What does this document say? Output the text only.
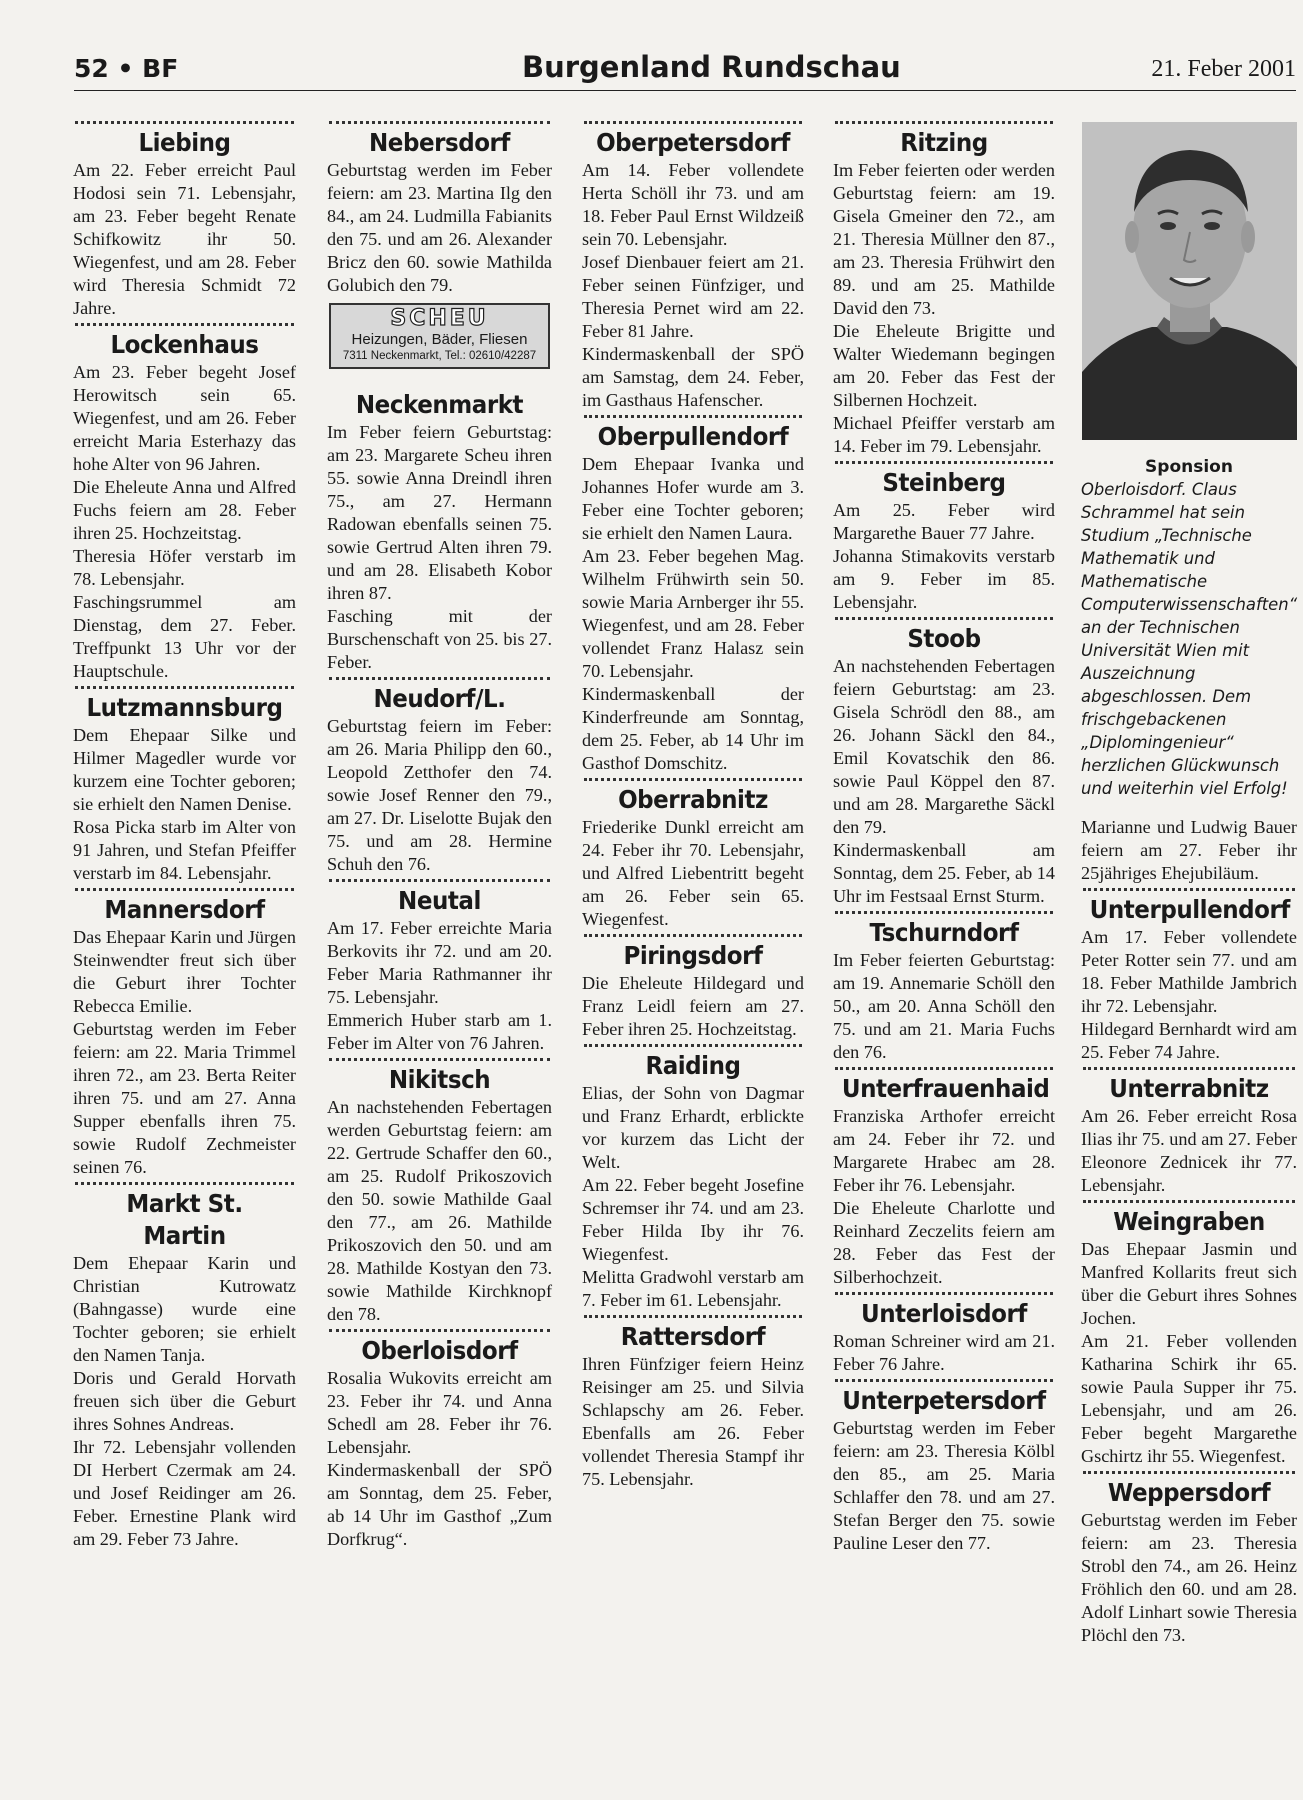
52 • BF	Burgenland Rundschau	21. Feber 2001
Liebing

Am 22. Feber erreicht Paul Hodosi sein 71. Lebensjahr, am 23. Feber begeht Renate Schifkowitz ihr 50. Wiegenfest, und am 28. Feber wird Theresia Schmidt 72 Jahre.

Lockenhaus

Am 23. Feber begeht Josef Herowitsch sein 65. Wiegenfest, und am 26. Feber erreicht Maria Esterhazy das hohe Alter von 96 Jahren.
Die Eheleute Anna und Alfred Fuchs feiern am 28. Feber ihren 25. Hochzeitstag.
Theresia Höfer verstarb im 78. Lebensjahr.
Faschingsrummel am Dienstag, dem 27. Feber. Treffpunkt 13 Uhr vor der Hauptschule.

Lutzmannsburg

Dem Ehepaar Silke und Hilmer Magedler wurde vor kurzem eine Tochter geboren; sie erhielt den Namen Denise.
Rosa Picka starb im Alter von 91 Jahren, und Stefan Pfeiffer verstarb im 84. Lebensjahr.

Mannersdorf

Das Ehepaar Karin und Jürgen Steinwendter freut sich über die Geburt ihrer Tochter Rebecca Emilie.
Geburtstag werden im Feber feiern: am 22. Maria Trimmel ihren 72., am 23. Berta Reiter ihren 75. und am 27. Anna Supper ebenfalls ihren 75. sowie Rudolf Zechmeister seinen 76.

Markt St. Martin

Dem Ehepaar Karin und Christian Kutrowatz (Bahngasse) wurde eine Tochter geboren; sie erhielt den Namen Tanja.
Doris und Gerald Horvath freuen sich über die Geburt ihres Sohnes Andreas.
Ihr 72. Lebensjahr vollenden DI Herbert Czermak am 24. und Josef Reidinger am 26. Feber. Ernestine Plank wird am 29. Feber 73 Jahre.

Nebersdorf

Geburtstag werden im Feber feiern: am 23. Martina Ilg den 84., am 24. Ludmilla Fabianits den 75. und am 26. Alexander Bricz den 60. sowie Mathilda Golubich den 79.

SCHEU
Heizungen, Bäder, Fliesen
7311 Neckenmarkt, Tel.: 02610/42287
Neckenmarkt

Im Feber feiern Geburtstag: am 23. Margarete Scheu ihren 55. sowie Anna Dreindl ihren 75., am 27. Hermann Radowan ebenfalls seinen 75. sowie Gertrud Alten ihren 79. und am 28. Elisabeth Kobor ihren 87.
Fasching mit der Burschenschaft von 25. bis 27. Feber.

Neudorf/L.

Geburtstag feiern im Feber: am 26. Maria Philipp den 60., Leopold Zetthofer den 74. sowie Josef Renner den 79., am 27. Dr. Liselotte Bujak den 75. und am 28. Hermine Schuh den 76.

Neutal

Am 17. Feber erreichte Maria Berkovits ihr 72. und am 20. Feber Maria Rathmanner ihr 75. Lebensjahr.
Emmerich Huber starb am 1. Feber im Alter von 76 Jahren.

Nikitsch

An nachstehenden Febertagen werden Geburtstag feiern: am 22. Gertrude Schaffer den 60., am 25. Rudolf Prikoszovich den 50. sowie Mathilde Gaal den 77., am 26. Mathilde Prikoszovich den 50. und am 28. Mathilde Kostyan den 73. sowie Mathilde Kirchknopf den 78.

Oberloisdorf

Rosalia Wukovits erreicht am 23. Feber ihr 74. und Anna Schedl am 28. Feber ihr 76. Lebensjahr.
Kindermaskenball der SPÖ am Sonntag, dem 25. Feber, ab 14 Uhr im Gasthof „Zum Dorfkrug“.

Oberpetersdorf

Am 14. Feber vollendete Herta Schöll ihr 73. und am 18. Feber Paul Ernst Wildzeiß sein 70. Lebensjahr.
Josef Dienbauer feiert am 21. Feber seinen Fünfziger, und Theresia Pernet wird am 22. Feber 81 Jahre.
Kindermaskenball der SPÖ am Samstag, dem 24. Feber, im Gasthaus Hafenscher.

Oberpullendorf

Dem Ehepaar Ivanka und Johannes Hofer wurde am 3. Feber eine Tochter geboren; sie erhielt den Namen Laura.
Am 23. Feber begehen Mag. Wilhelm Frühwirth sein 50. sowie Maria Arnberger ihr 55. Wiegenfest, und am 28. Feber vollendet Franz Halasz sein 70. Lebensjahr.
Kindermaskenball der Kinderfreunde am Sonntag, dem 25. Feber, ab 14 Uhr im Gasthof Domschitz.

Oberrabnitz

Friederike Dunkl erreicht am 24. Feber ihr 70. Lebensjahr, und Alfred Liebentritt begeht am 26. Feber sein 65. Wiegenfest.

Piringsdorf

Die Eheleute Hildegard und Franz Leidl feiern am 27. Feber ihren 25. Hochzeitstag.

Raiding

Elias, der Sohn von Dagmar und Franz Erhardt, erblickte vor kurzem das Licht der Welt.
Am 22. Feber begeht Josefine Schremser ihr 74. und am 23. Feber Hilda Iby ihr 76. Wiegenfest.
Melitta Gradwohl verstarb am 7. Feber im 61. Lebensjahr.

Rattersdorf

Ihren Fünfziger feiern Heinz Reisinger am 25. und Silvia Schlapschy am 26. Feber. Ebenfalls am 26. Feber vollendet Theresia Stampf ihr 75. Lebensjahr.

Ritzing

Im Feber feierten oder werden Geburtstag feiern: am 19. Gisela Gmeiner den 72., am 21. Theresia Müllner den 87., am 23. Theresia Frühwirt den 89. und am 25. Mathilde David den 73.
Die Eheleute Brigitte und Walter Wiedemann begingen am 20. Feber das Fest der Silbernen Hochzeit.
Michael Pfeiffer verstarb am 14. Feber im 79. Lebensjahr.

Steinberg

Am 25. Feber wird Margarethe Bauer 77 Jahre.
Johanna Stimakovits verstarb am 9. Feber im 85. Lebensjahr.

Stoob

An nachstehenden Febertagen feiern Geburtstag: am 23. Gisela Schrödl den 88., am 26. Johann Säckl den 84., Emil Kovatschik den 86. sowie Paul Köppel den 87. und am 28. Margarethe Säckl den 79.
Kindermaskenball am Sonntag, dem 25. Feber, ab 14 Uhr im Festsaal Ernst Sturm.

Tschurndorf

Im Feber feierten Geburtstag: am 19. Annemarie Schöll den 50., am 20. Anna Schöll den 75. und am 21. Maria Fuchs den 76.

Unterfrauenhaid

Franziska Arthofer erreicht am 24. Feber ihr 72. und Margarete Hrabec am 28. Feber ihr 76. Lebensjahr.
Die Eheleute Charlotte und Reinhard Zeczelits feiern am 28. Feber das Fest der Silberhochzeit.

Unterloisdorf

Roman Schreiner wird am 21. Feber 76 Jahre.

Unterpetersdorf

Geburtstag werden im Feber feiern: am 23. Theresia Kölbl den 85., am 25. Maria Schlaffer den 78. und am 27. Stefan Berger den 75. sowie Pauline Leser den 77.

Sponsion

Oberloisdorf. Claus Schrammel hat sein Studium „Technische Mathematik und Mathematische Computerwissenschaften“ an der Technischen Universität Wien mit Auszeichnung abgeschlossen. Dem frischgebackenen „Diplomingenieur“ herzlichen Glückwunsch und weiterhin viel Erfolg!

Marianne und Ludwig Bauer feiern am 27. Feber ihr 25jähriges Ehejubiläum.

Unterpullendorf

Am 17. Feber vollendete Peter Rotter sein 77. und am 18. Feber Mathilde Jambrich ihr 72. Lebensjahr.
Hildegard Bernhardt wird am 25. Feber 74 Jahre.

Unterrabnitz

Am 26. Feber erreicht Rosa Ilias ihr 75. und am 27. Feber Eleonore Zednicek ihr 77. Lebensjahr.

Weingraben

Das Ehepaar Jasmin und Manfred Kollarits freut sich über die Geburt ihres Sohnes Jochen.
Am 21. Feber vollenden Katharina Schirk ihr 65. sowie Paula Supper ihr 75. Lebensjahr, und am 26. Feber begeht Margarethe Gschirtz ihr 55. Wiegenfest.

Weppersdorf

Geburtstag werden im Feber feiern: am 23. Theresia Strobl den 74., am 26. Heinz Fröhlich den 60. und am 28. Adolf Linhart sowie Theresia Plöchl den 73.
